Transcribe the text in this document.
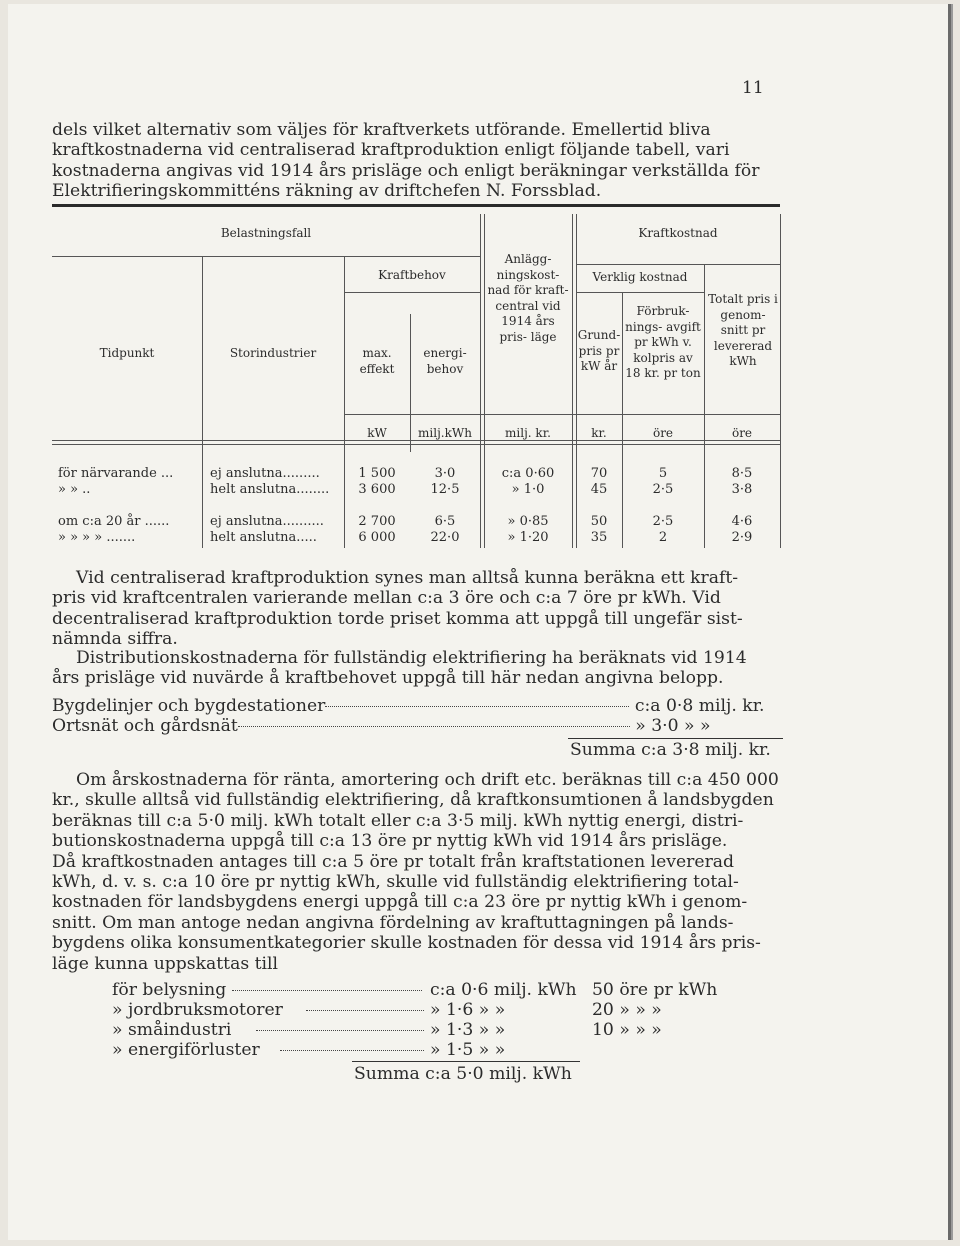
11
dels vilket alternativ som väljes för kraftverkets utförande. Emellertid bliva
kraftkostnaderna vid centraliserad kraftproduktion enligt följande tabell, vari
kostnaderna angivas vid 1914 års prisläge och enligt beräkningar verkställda för
Elektrifieringskommitténs räkning av driftchefen N. Forssblad.
Belastningsfall
Tidpunkt	Storindustrier
Kraftbehov
max. effekt
energi- behov
Anlägg- ningskost- nad för kraft- central vid 1914 års pris- läge
Kraftkostnad
Verklig kostnad
Grund- pris pr kW år
Förbruk- nings- avgift pr kWh v. kolpris av 18 kr. pr ton
Totalt pris i genom- snitt pr levererad kWh
kW	milj.kWh	milj. kr.	kr.	öre	öre
för närvarande ...	ej anslutna.........	1 500	3·0	c:a 0·60	70	5	8·5
» » ..	helt anslutna........	3 600	12·5	» 1·0	45	2·5	3·8
om c:a 20 år ......	ej anslutna..........	2 700	6·5	» 0·85	50	2·5	4·6
» » » » .......	helt anslutna.....	6 000	22·0	» 1·20	35	2	2·9
Vid centraliserad kraftproduktion synes man alltså kunna beräkna ett kraft-
pris vid kraftcentralen varierande mellan c:a 3 öre och c:a 7 öre pr kWh. Vid
decentraliserad kraftproduktion torde priset komma att uppgå till ungefär sist-
nämnda siffra.
Distributionskostnaderna för fullständig elektrifiering ha beräknats vid 1914
års prisläge vid nuvärde å kraftbehovet uppgå till här nedan angivna belopp.
Bygdelinjer och bygdestationer	c:a 0·8 milj. kr.
Ortsnät och gårdsnät	» 3·0 » »
Summa c:a 3·8 milj. kr.
Om årskostnaderna för ränta, amortering och drift etc. beräknas till c:a 450 000
kr., skulle alltså vid fullständig elektrifiering, då kraftkonsumtionen å landsbygden
beräknas till c:a 5·0 milj. kWh totalt eller c:a 3·5 milj. kWh nyttig energi, distri-
butionskostnaderna uppgå till c:a 13 öre pr nyttig kWh vid 1914 års prisläge.
Då kraftkostnaden antages till c:a 5 öre pr totalt från kraftstationen levererad
kWh, d. v. s. c:a 10 öre pr nyttig kWh, skulle vid fullständig elektrifiering total-
kostnaden för landsbygdens energi uppgå till c:a 23 öre pr nyttig kWh i genom-
snitt. Om man antoge nedan angivna fördelning av kraftuttagningen på lands-
bygdens olika konsumentkategorier skulle kostnaden för dessa vid 1914 års pris-
läge kunna uppskattas till
för belysning	c:a 0·6 milj. kWh 50 öre pr kWh
» jordbruksmotorer	» 1·6 » »	20 » » »
» småindustri	» 1·3 » »	10 » » »
» energiförluster	» 1·5 » »
Summa c:a 5·0 milj. kWh
